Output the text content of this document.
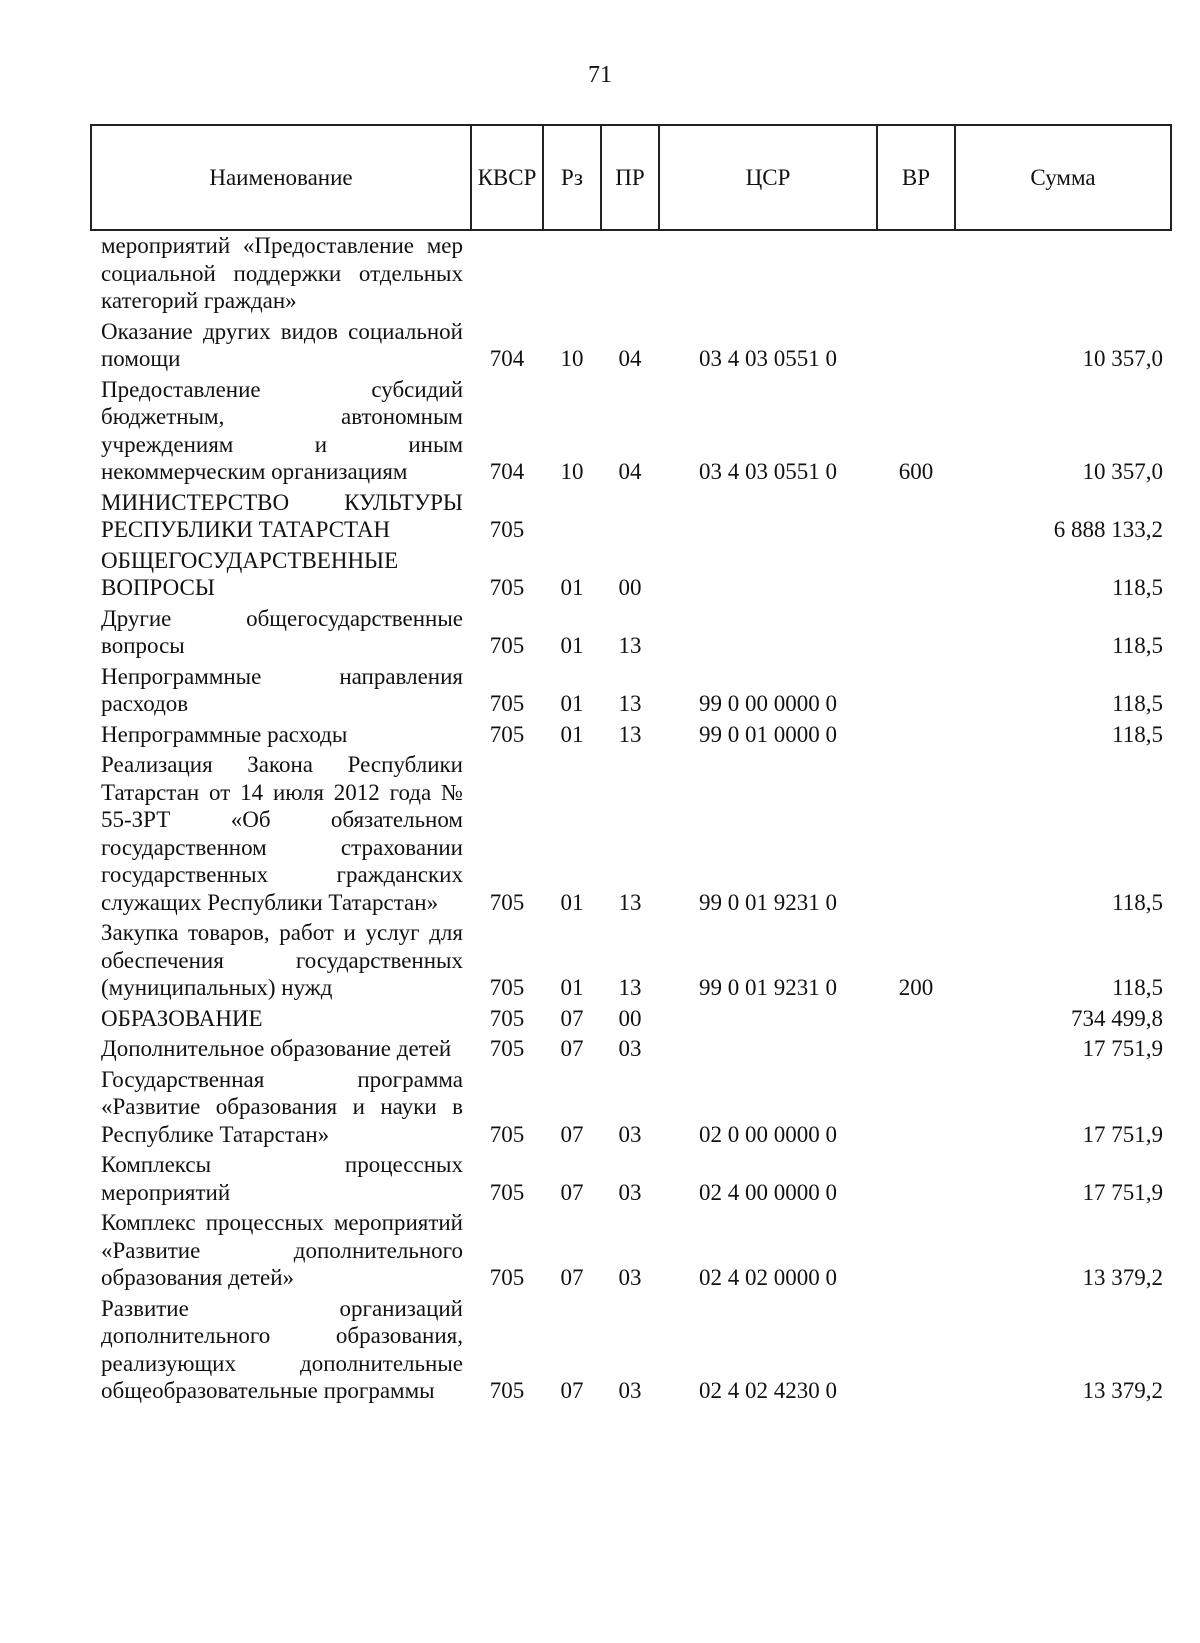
71
Наименование	КВСР	Рз	ПР	ЦСР	ВР	Сумма
мероприятий «Предоставление мер социальной поддержки отдельных категорий граждан»						
Оказание других видов социальной помощи	704	10	04	03 4 03 0551 0		10 357,0
Предоставление субсидий бюджетным, автономным учреждениям и иным некоммерческим организациям	704	10	04	03 4 03 0551 0	600	10 357,0
МИНИСТЕРСТВО КУЛЬТУРЫ РЕСПУБЛИКИ ТАТАРСТАН	705					6 888 133,2
ОБЩЕГОСУДАРСТВЕННЫЕ ВОПРОСЫ	705	01	00			118,5
Другие общегосударственные вопросы	705	01	13			118,5
Непрограммные направления расходов	705	01	13	99 0 00 0000 0		118,5
Непрограммные расходы	705	01	13	99 0 01 0000 0		118,5
Реализация Закона Республики Татарстан от 14 июля 2012 года № 55-ЗРТ «Об обязательном государственном страховании государственных гражданских служащих Республики Татарстан»	705	01	13	99 0 01 9231 0		118,5
Закупка товаров, работ и услуг для обеспечения государственных (муниципальных) нужд	705	01	13	99 0 01 9231 0	200	118,5
ОБРАЗОВАНИЕ	705	07	00			734 499,8
Дополнительное образование детей	705	07	03			17 751,9
Государственная программа «Развитие образования и науки в Республике Татарстан»	705	07	03	02 0 00 0000 0		17 751,9
Комплексы процессных мероприятий	705	07	03	02 4 00 0000 0		17 751,9
Комплекс процессных мероприятий «Развитие дополнительного образования детей»	705	07	03	02 4 02 0000 0		13 379,2
Развитие организаций дополнительного образования, реализующих дополнительные общеобразовательные программы	705	07	03	02 4 02 4230 0		13 379,2
